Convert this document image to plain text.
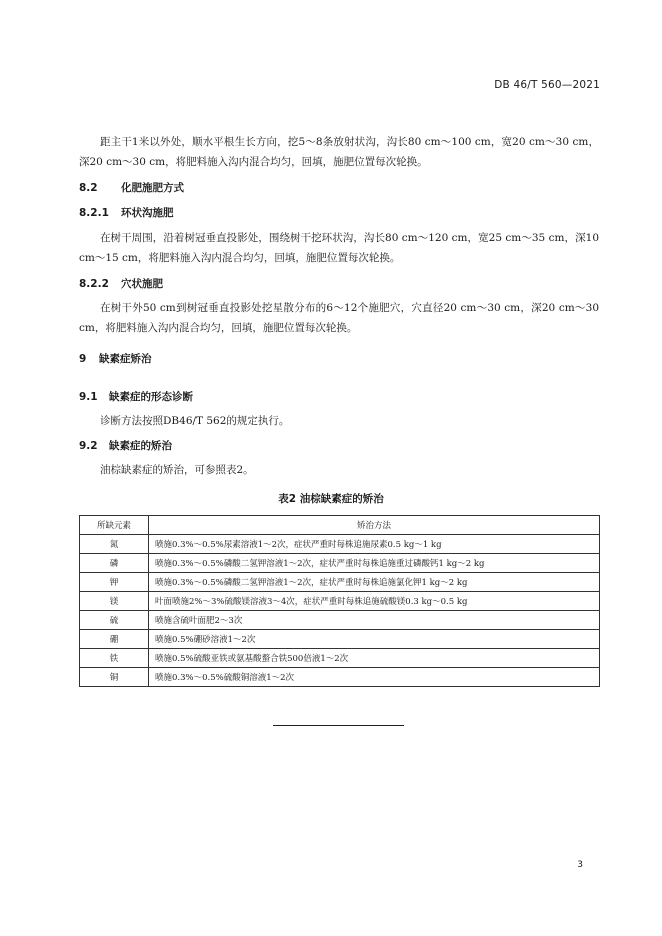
DB 46/T 560—2021
距主干1米以外处，顺水平根生长方向，挖5～8条放射状沟，沟长80 cm～100 cm，宽20 cm～30 cm，深20 cm～30 cm，将肥料施入沟内混合均匀，回填，施肥位置每次轮换。
8.2 化肥施肥方式
8.2.1 环状沟施肥
在树干周围，沿着树冠垂直投影处，围绕树干挖环状沟，沟长80 cm～120 cm，宽25 cm～35 cm，深10 cm～15 cm，将肥料施入沟内混合均匀，回填，施肥位置每次轮换。
8.2.2 穴状施肥
在树干外50 cm到树冠垂直投影处挖星散分布的6～12个施肥穴，穴直径20 cm～30 cm，深20 cm～30 cm，将肥料施入沟内混合均匀，回填，施肥位置每次轮换。
9 缺素症矫治
9.1 缺素症的形态诊断
诊断方法按照DB46/T 562的规定执行。
9.2 缺素症的矫治
油棕缺素症的矫治，可参照表2。
表2 油棕缺素症的矫治
所缺元素	矫治方法
氮	喷施0.3%～0.5%尿素溶液1～2次，症状严重时每株追施尿素0.5 kg～1 kg
磷	喷施0.3%～0.5%磷酸二氢钾溶液1～2次，症状严重时每株追施重过磷酸钙1 kg～2 kg
钾	喷施0.3%～0.5%磷酸二氢钾溶液1～2次，症状严重时每株追施氯化钾1 kg～2 kg
镁	叶面喷施2%～3%硫酸镁溶液3～4次，症状严重时每株追施硫酸镁0.3 kg～0.5 kg
硫	喷施含硫叶面肥2～3次
硼	喷施0.5%硼砂溶液1～2次
铁	喷施0.5%硫酸亚铁或氨基酸螯合铁500倍液1～2次
铜	喷施0.3%～0.5%硫酸铜溶液1～2次
3
